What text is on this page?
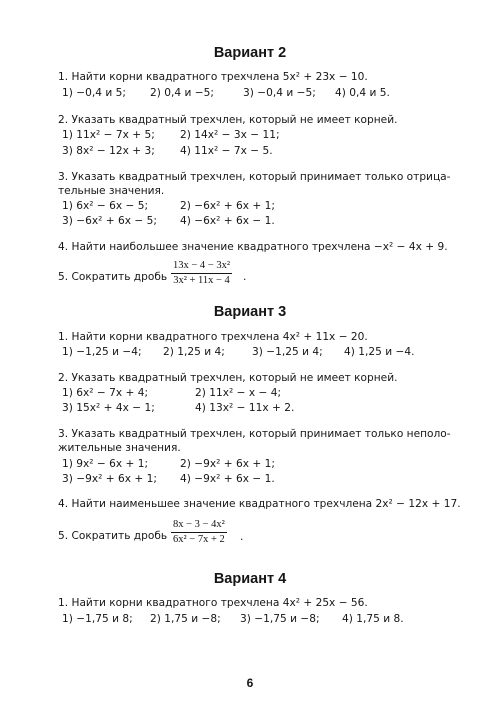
Вариант 2
1. Найти корни квадратного трехчлена 5x² + 23x − 10.
1) −0,4 и 5; 2) 0,4 и −5;	3) −0,4 и −5; 4) 0,4 и 5.
2. Указать квадратный трехчлен, который не имеет корней.
1) 11x² − 7x + 5; 2) 14x² − 3x − 11;
3) 8x² − 12x + 3; 4) 11x² − 7x − 5.
3. Указать квадратный трехчлен, который принимает только отрица-
тельные значения.
1) 6x² − 6x − 5;	2) −6x² + 6x + 1;
3) −6x² + 6x − 5; 4) −6x² + 6x − 1.
4. Найти наибольшее значение квадратного трехчлена −x² − 4x + 9.
5. Сократить дробь $\frac{\text{13x − 4 − 3x²}}{\text{3x² + 11x − 4}}$ .
Вариант 3
1. Найти корни квадратного трехчлена 4x² + 11x − 20.
1) −1,25 и −4; 2) 1,25 и 4;	3) −1,25 и 4; 4) 1,25 и −4.
2. Указать квадратный трехчлен, который не имеет корней.
1) 6x² − 7x + 4;	2) 11x² − x − 4;
3) 15x² + 4x − 1;	4) 13x² − 11x + 2.
3. Указать квадратный трехчлен, который принимает только неполо-
жительные значения.
1) 9x² − 6x + 1;	2) −9x² + 6x + 1;
3) −9x² + 6x + 1; 4) −9x² + 6x − 1.
4. Найти наименьшее значение квадратного трехчлена 2x² − 12x + 17.
5. Сократить дробь $\frac{\text{8x − 3 − 4x²}}{\text{6x² − 7x + 2}}$ .
Вариант 4
1. Найти корни квадратного трехчлена 4x² + 25x − 56.
1) −1,75 и 8; 2) 1,75 и −8; 3) −1,75 и −8; 4) 1,75 и 8.
6
